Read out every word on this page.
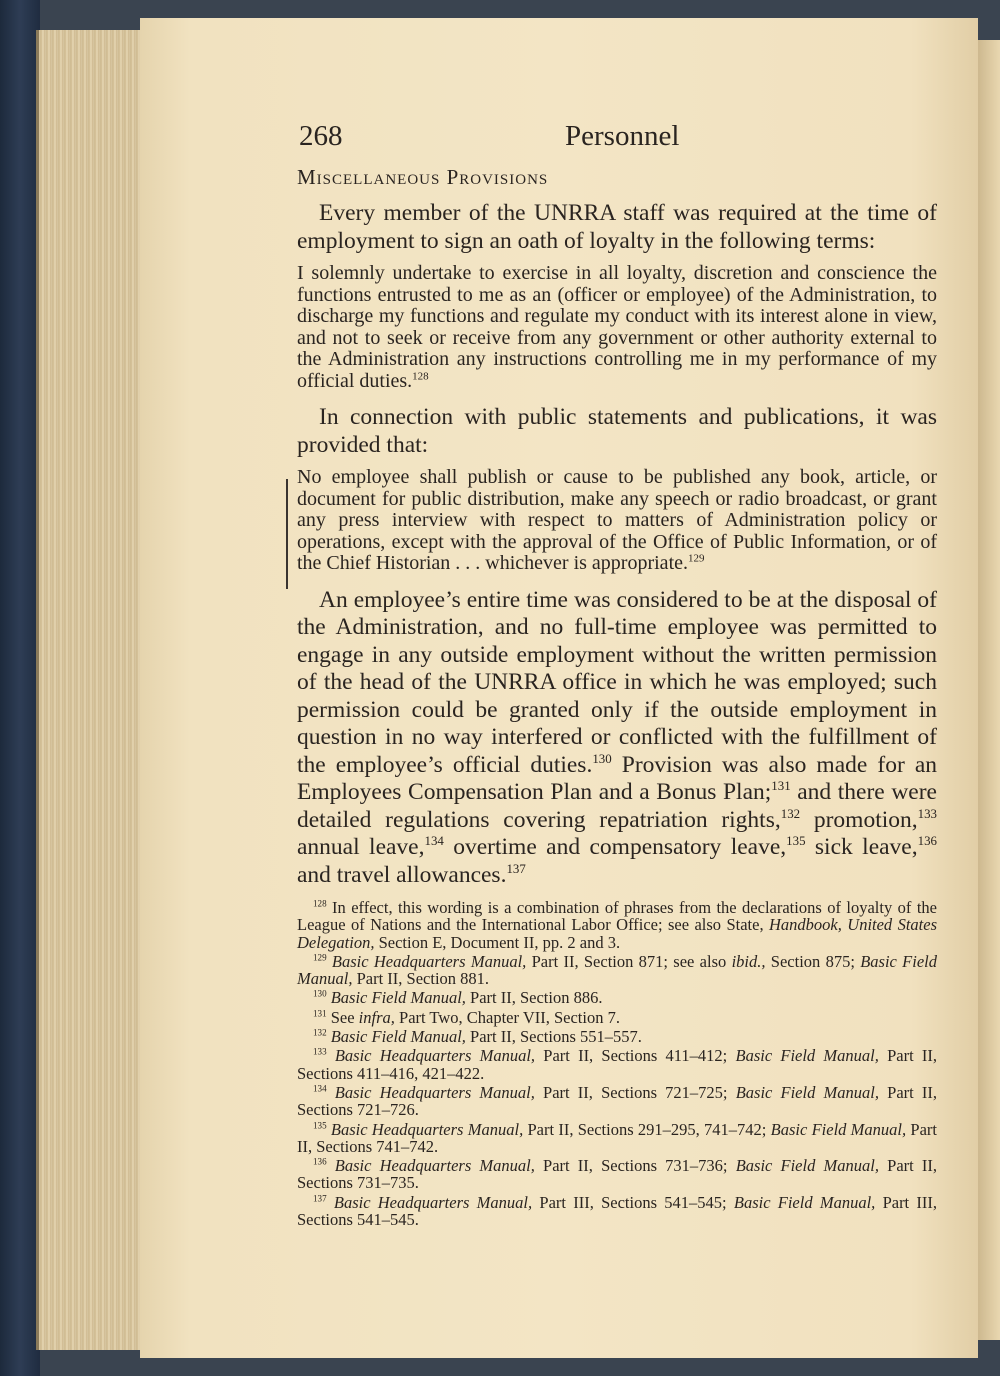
268	Personnel
Miscellaneous Provisions

Every member of the UNRRA staff was required at the time of employment to sign an oath of loyalty in the following terms:

I solemnly undertake to exercise in all loyalty, discretion and conscience the functions entrusted to me as an (officer or employee) of the Administration, to discharge my functions and regulate my conduct with its interest alone in view, and not to seek or receive from any government or other authority external to the Administration any instructions controlling me in my performance of my official duties.$^{128}$

In connection with public statements and publications, it was provided that:

No employee shall publish or cause to be published any book, article, or document for public distribution, make any speech or radio broadcast, or grant any press interview with respect to matters of Administration policy or operations, except with the approval of the Office of Public Information, or of the Chief Historian . . . whichever is appropriate.$^{129}$

An employee’s entire time was considered to be at the disposal of the Administration, and no full-time employee was permitted to engage in any outside employment without the written permission of the head of the UNRRA office in which he was employed; such permission could be granted only if the outside employment in question in no way interfered or conflicted with the fulfillment of the employee’s official duties.$^{130}$ Provision was also made for an Employees Compensation Plan and a Bonus Plan;$^{131}$ and there were detailed regulations covering repatriation rights,$^{132}$ promotion,$^{133}$ annual leave,$^{134}$ overtime and compensatory leave,$^{135}$ sick leave,$^{136}$ and travel allowances.$^{137}$

$^{128}$ In effect, this wording is a combination of phrases from the declarations of loyalty of the League of Nations and the International Labor Office; see also State, Handbook, United States Delegation, Section E, Document II, pp. 2 and 3.

$^{129}$ Basic Headquarters Manual, Part II, Section 871; see also ibid., Section 875; Basic Field Manual, Part II, Section 881.

$^{130}$ Basic Field Manual, Part II, Section 886.

$^{131}$ See infra, Part Two, Chapter VII, Section 7.

$^{132}$ Basic Field Manual, Part II, Sections 551–557.

$^{133}$ Basic Headquarters Manual, Part II, Sections 411–412; Basic Field Manual, Part II, Sections 411–416, 421–422.

$^{134}$ Basic Headquarters Manual, Part II, Sections 721–725; Basic Field Manual, Part II, Sections 721–726.

$^{135}$ Basic Headquarters Manual, Part II, Sections 291–295, 741–742; Basic Field Manual, Part II, Sections 741–742.

$^{136}$ Basic Headquarters Manual, Part II, Sections 731–736; Basic Field Manual, Part II, Sections 731–735.

$^{137}$ Basic Headquarters Manual, Part III, Sections 541–545; Basic Field Manual, Part III, Sections 541–545.
